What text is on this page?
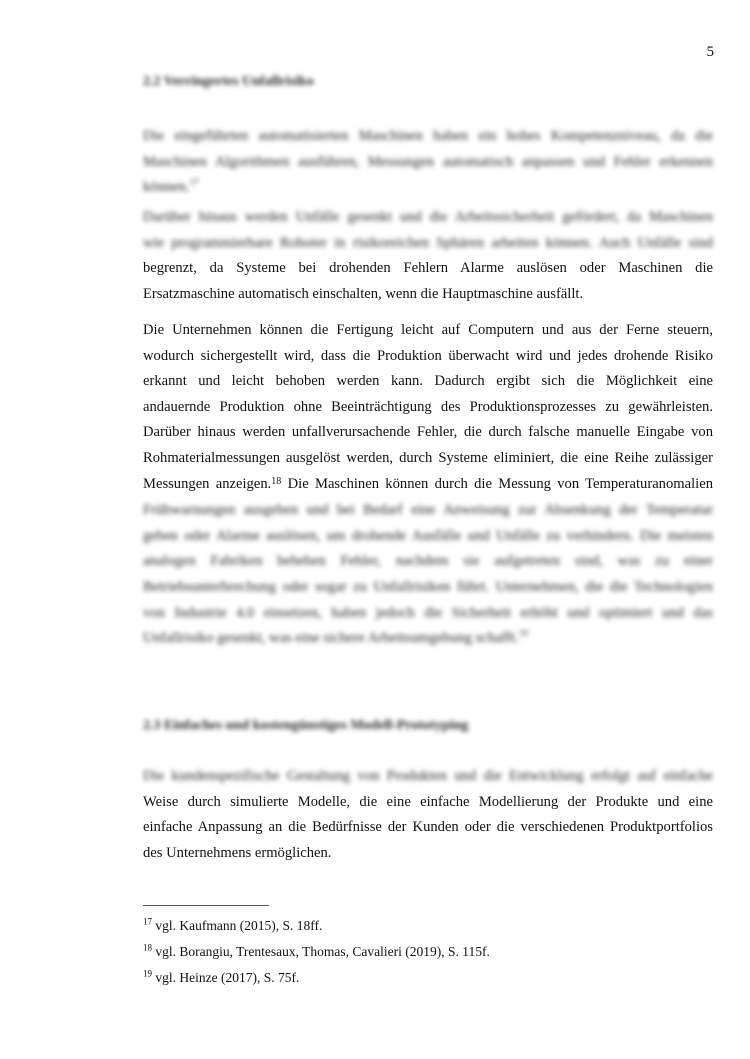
5
2.2 Verringertes Unfallrisiko
Die eingeführten automatisierten Maschinen haben ein hohes Kompetenzniveau, da die
Maschinen Algorithmen ausführen, Messungen automatisch anpassen und Fehler erkennen
können.$^{17}$
Darüber hinaus werden Unfälle gesenkt und die Arbeitssicherheit gefördert, da Maschinen
wie programmierbare Roboter in risikoreichen Sphären arbeiten können. Auch Unfälle sind
begrenzt, da Systeme bei drohenden Fehlern Alarme auslösen oder Maschinen die
Ersatzmaschine automatisch einschalten, wenn die Hauptmaschine ausfällt.
Die Unternehmen können die Fertigung leicht auf Computern und aus der Ferne steuern,
wodurch sichergestellt wird, dass die Produktion überwacht wird und jedes drohende Risiko
erkannt und leicht behoben werden kann. Dadurch ergibt sich die Möglichkeit eine
andauernde Produktion ohne Beeinträchtigung des Produktionsprozesses zu gewährleisten.
Darüber hinaus werden unfallverursachende Fehler, die durch falsche manuelle Eingabe von
Rohmaterialmessungen ausgelöst werden, durch Systeme eliminiert, die eine Reihe zulässiger
Messungen anzeigen.$^{18}$ Die Maschinen können durch die Messung von Temperaturanomalien
Frühwarnungen ausgeben und bei Bedarf eine Anweisung zur Absenkung der Temperatur
geben oder Alarme auslösen, um drohende Ausfälle und Unfälle zu verhindern. Die meisten
analogen Fabriken beheben Fehler, nachdem sie aufgetreten sind, was zu einer
Betriebsunterbrechung oder sogar zu Unfallrisiken führt. Unternehmen, die die Technologien
von Industrie 4.0 einsetzen, haben jedoch die Sicherheit erhöht und optimiert und das
Unfallrisiko gesenkt, was eine sichere Arbeitsumgebung schafft.$^{19}$
2.3 Einfaches und kostengünstiges Modell-Prototyping
Die kundenspezifische Gestaltung von Produkten und die Entwicklung erfolgt auf einfache
Weise durch simulierte Modelle, die eine einfache Modellierung der Produkte und eine
einfache Anpassung an die Bedürfnisse der Kunden oder die verschiedenen Produktportfolios
des Unternehmens ermöglichen.
$^{17}$ vgl. Kaufmann (2015), S. 18ff.
$^{18}$ vgl. Borangiu, Trentesaux, Thomas, Cavalieri (2019), S. 115f.
$^{19}$ vgl. Heinze (2017), S. 75f.
